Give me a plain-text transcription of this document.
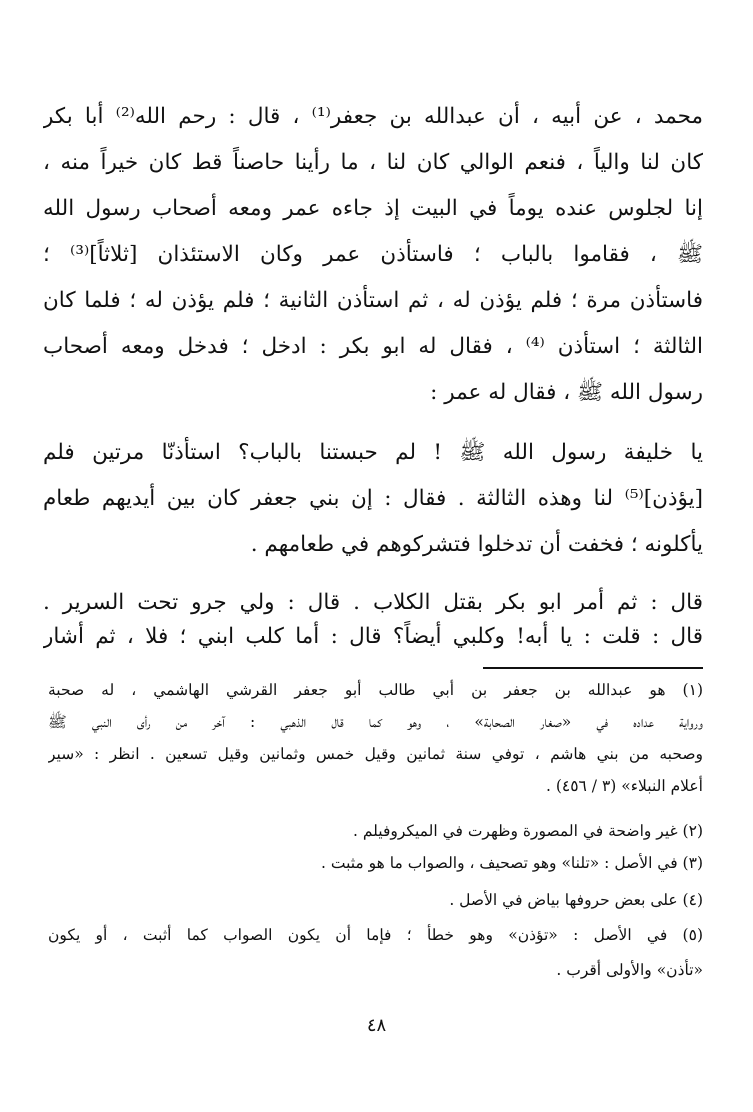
محمد ، عن أبيه ، أن عبدالله بن جعفر⁽¹⁾ ، قال : رحم الله⁽²⁾ أبا بكر
كان لنا والياً ، فنعم الوالي كان لنا ، ما رأينا حاصناً قط كان خيراً منه ،
إنا لجلوس عنده يوماً في البيت إذ جاءه عمر ومعه أصحاب رسول الله
ﷺ ، فقاموا بالباب ؛ فاستأذن عمر وكان الاستئذان [ثلاثاً]⁽³⁾ ؛
فاستأذن مرة ؛ فلم يؤذن له ، ثم استأذن الثانية ؛ فلم يؤذن له ؛ فلما كان
الثالثة ؛ استأذن ⁽⁴⁾ ، فقال له ابو بكر : ادخل ؛ فدخل ومعه أصحاب
رسول الله ﷺ ، فقال له عمر :
يا خليفة رسول الله ﷺ ! لم حبستنا بالباب؟ استأذنّا مرتين فلم
[يؤذن]⁽⁵⁾ لنا وهذه الثالثة . فقال : إن بني جعفر كان بين أيديهم طعام
يأكلونه ؛ فخفت أن تدخلوا فتشركوهم في طعامهم .
قال : ثم أمر ابو بكر بقتل الكلاب . قال : ولي جرو تحت السرير .
قال : قلت : يا أبه! وكلبي أيضاً؟ قال : أما كلب ابني ؛ فلا ، ثم أشار
(١) هو عبدالله بن جعفر بن أبي طالب أبو جعفر القرشي الهاشمي ، له صحبة
ورواية عداده في «صغار الصحابة» ، وهو كما قال الذهبي : آخر من رأى النبي ﷺ
وصحبه من بني هاشم ، توفي سنة ثمانين وقيل خمس وثمانين وقيل تسعين . انظر : «سير
أعلام النبلاء» (٣ / ٤٥٦) .
(٢) غير واضحة في المصورة وظهرت في الميكروفيلم .
(٣) في الأصل : «تلنا» وهو تصحيف ، والصواب ما هو مثبت .
(٤) على بعض حروفها بياض في الأصل .
(٥) في الأصل : «تؤذن» وهو خطأ ؛ فإما أن يكون الصواب كما أثبت ، أو يكون
«تأذن» والأولى أقرب .
٤٨
